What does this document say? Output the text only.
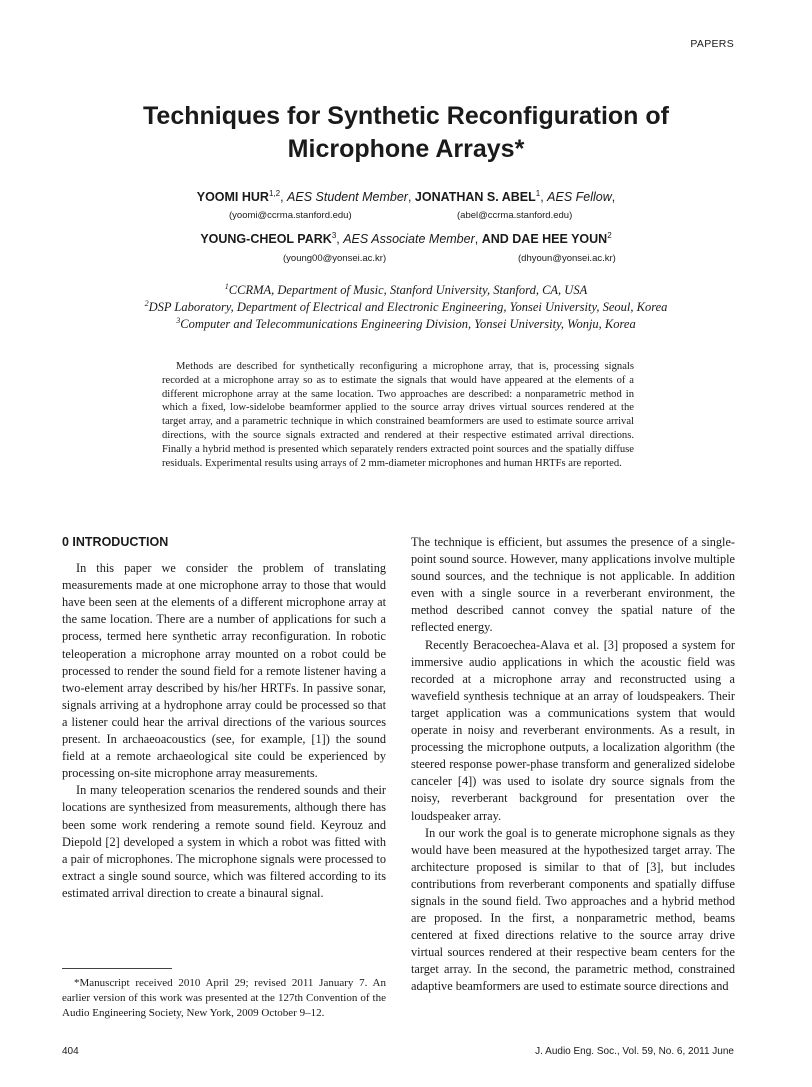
PAPERS
Techniques for Synthetic Reconfiguration of
Microphone Arrays*
YOOMI HUR$^{1,2}$, AES Student Member, JONATHAN S. ABEL$^1$, AES Fellow,
(yoomi@ccrma.stanford.edu)	(abel@ccrma.stanford.edu)
YOUNG-CHEOL PARK$^3$, AES Associate Member, AND DAE HEE YOUN$^2$
(young00@yonsei.ac.kr)	(dhyoun@yonsei.ac.kr)
$^1$CCRMA, Department of Music, Stanford University, Stanford, CA, USA
$^2$DSP Laboratory, Department of Electrical and Electronic Engineering, Yonsei University, Seoul, Korea
$^3$Computer and Telecommunications Engineering Division, Yonsei University, Wonju, Korea

Methods are described for synthetically reconfiguring a microphone array, that is, processing signals recorded at a microphone array so as to estimate the signals that would have appeared at the elements of a different microphone array at the same location. Two approaches are described: a nonparametric method in which a fixed, low-sidelobe beamformer applied to the source array drives virtual sources rendered at the target array, and a parametric technique in which constrained beamformers are used to estimate source arrival directions, with the source signals extracted and rendered at their respective estimated arrival directions. Finally a hybrid method is presented which separately renders extracted point sources and the spatially diffuse residuals. Experimental results using arrays of 2 mm-diameter microphones and human HRTFs are reported.

0 INTRODUCTION

In this paper we consider the problem of translating measurements made at one microphone array to those that would have been seen at the elements of a different microphone array at the same location. There are a number of applications for such a process, termed here synthetic array reconfiguration. In robotic teleoperation a microphone array mounted on a robot could be processed to render the sound field for a remote listener having a two-element array described by his/her HRTFs. In passive sonar, signals arriving at a hydrophone array could be processed so that a listener could hear the arrival directions of the various sources present. In archaeoacoustics (see, for example, [1]) the sound field at a remote archaeological site could be experienced by processing on-site microphone array measurements.

In many teleoperation scenarios the rendered sounds and their locations are synthesized from measurements, although there has been some work rendering a remote sound field. Keyrouz and Diepold [2] developed a system in which a robot was fitted with a pair of microphones. The microphone signals were processed to extract a single sound source, which was filtered according to its estimated arrival direction to create a binaural signal.

The technique is efficient, but assumes the presence of a single-point sound source. However, many applications involve multiple sound sources, and the technique is not applicable. In addition even with a single source in a reverberant environment, the method described cannot convey the spatial nature of the reflected energy.

Recently Beracoechea-Alava et al. [3] proposed a system for immersive audio applications in which the acoustic field was recorded at a microphone array and reconstructed using a wavefield synthesis technique at an array of loudspeakers. Their target application was a communications system that would operate in noisy and reverberant environments. As a result, in processing the microphone outputs, a localization algorithm (the steered response power-phase transform and generalized sidelobe canceler [4]) was used to isolate dry source signals from the noisy, reverberant background for presentation over the loudspeaker array.

In our work the goal is to generate microphone signals as they would have been measured at the hypothesized target array. The architecture proposed is similar to that of [3], but includes contributions from reverberant components and spatially diffuse signals in the sound field. Two approaches and a hybrid method are proposed. In the first, a nonparametric method, beams centered at fixed directions relative to the source array drive virtual sources rendered at their respective beam centers for the target array. In the second, the parametric method, constrained adaptive beamformers are used to estimate source directions and

*Manuscript received 2010 April 29; revised 2011 January 7. An earlier version of this work was presented at the 127th Convention of the Audio Engineering Society, New York, 2009 October 9–12.

404	J. Audio Eng. Soc., Vol. 59, No. 6, 2011 June
